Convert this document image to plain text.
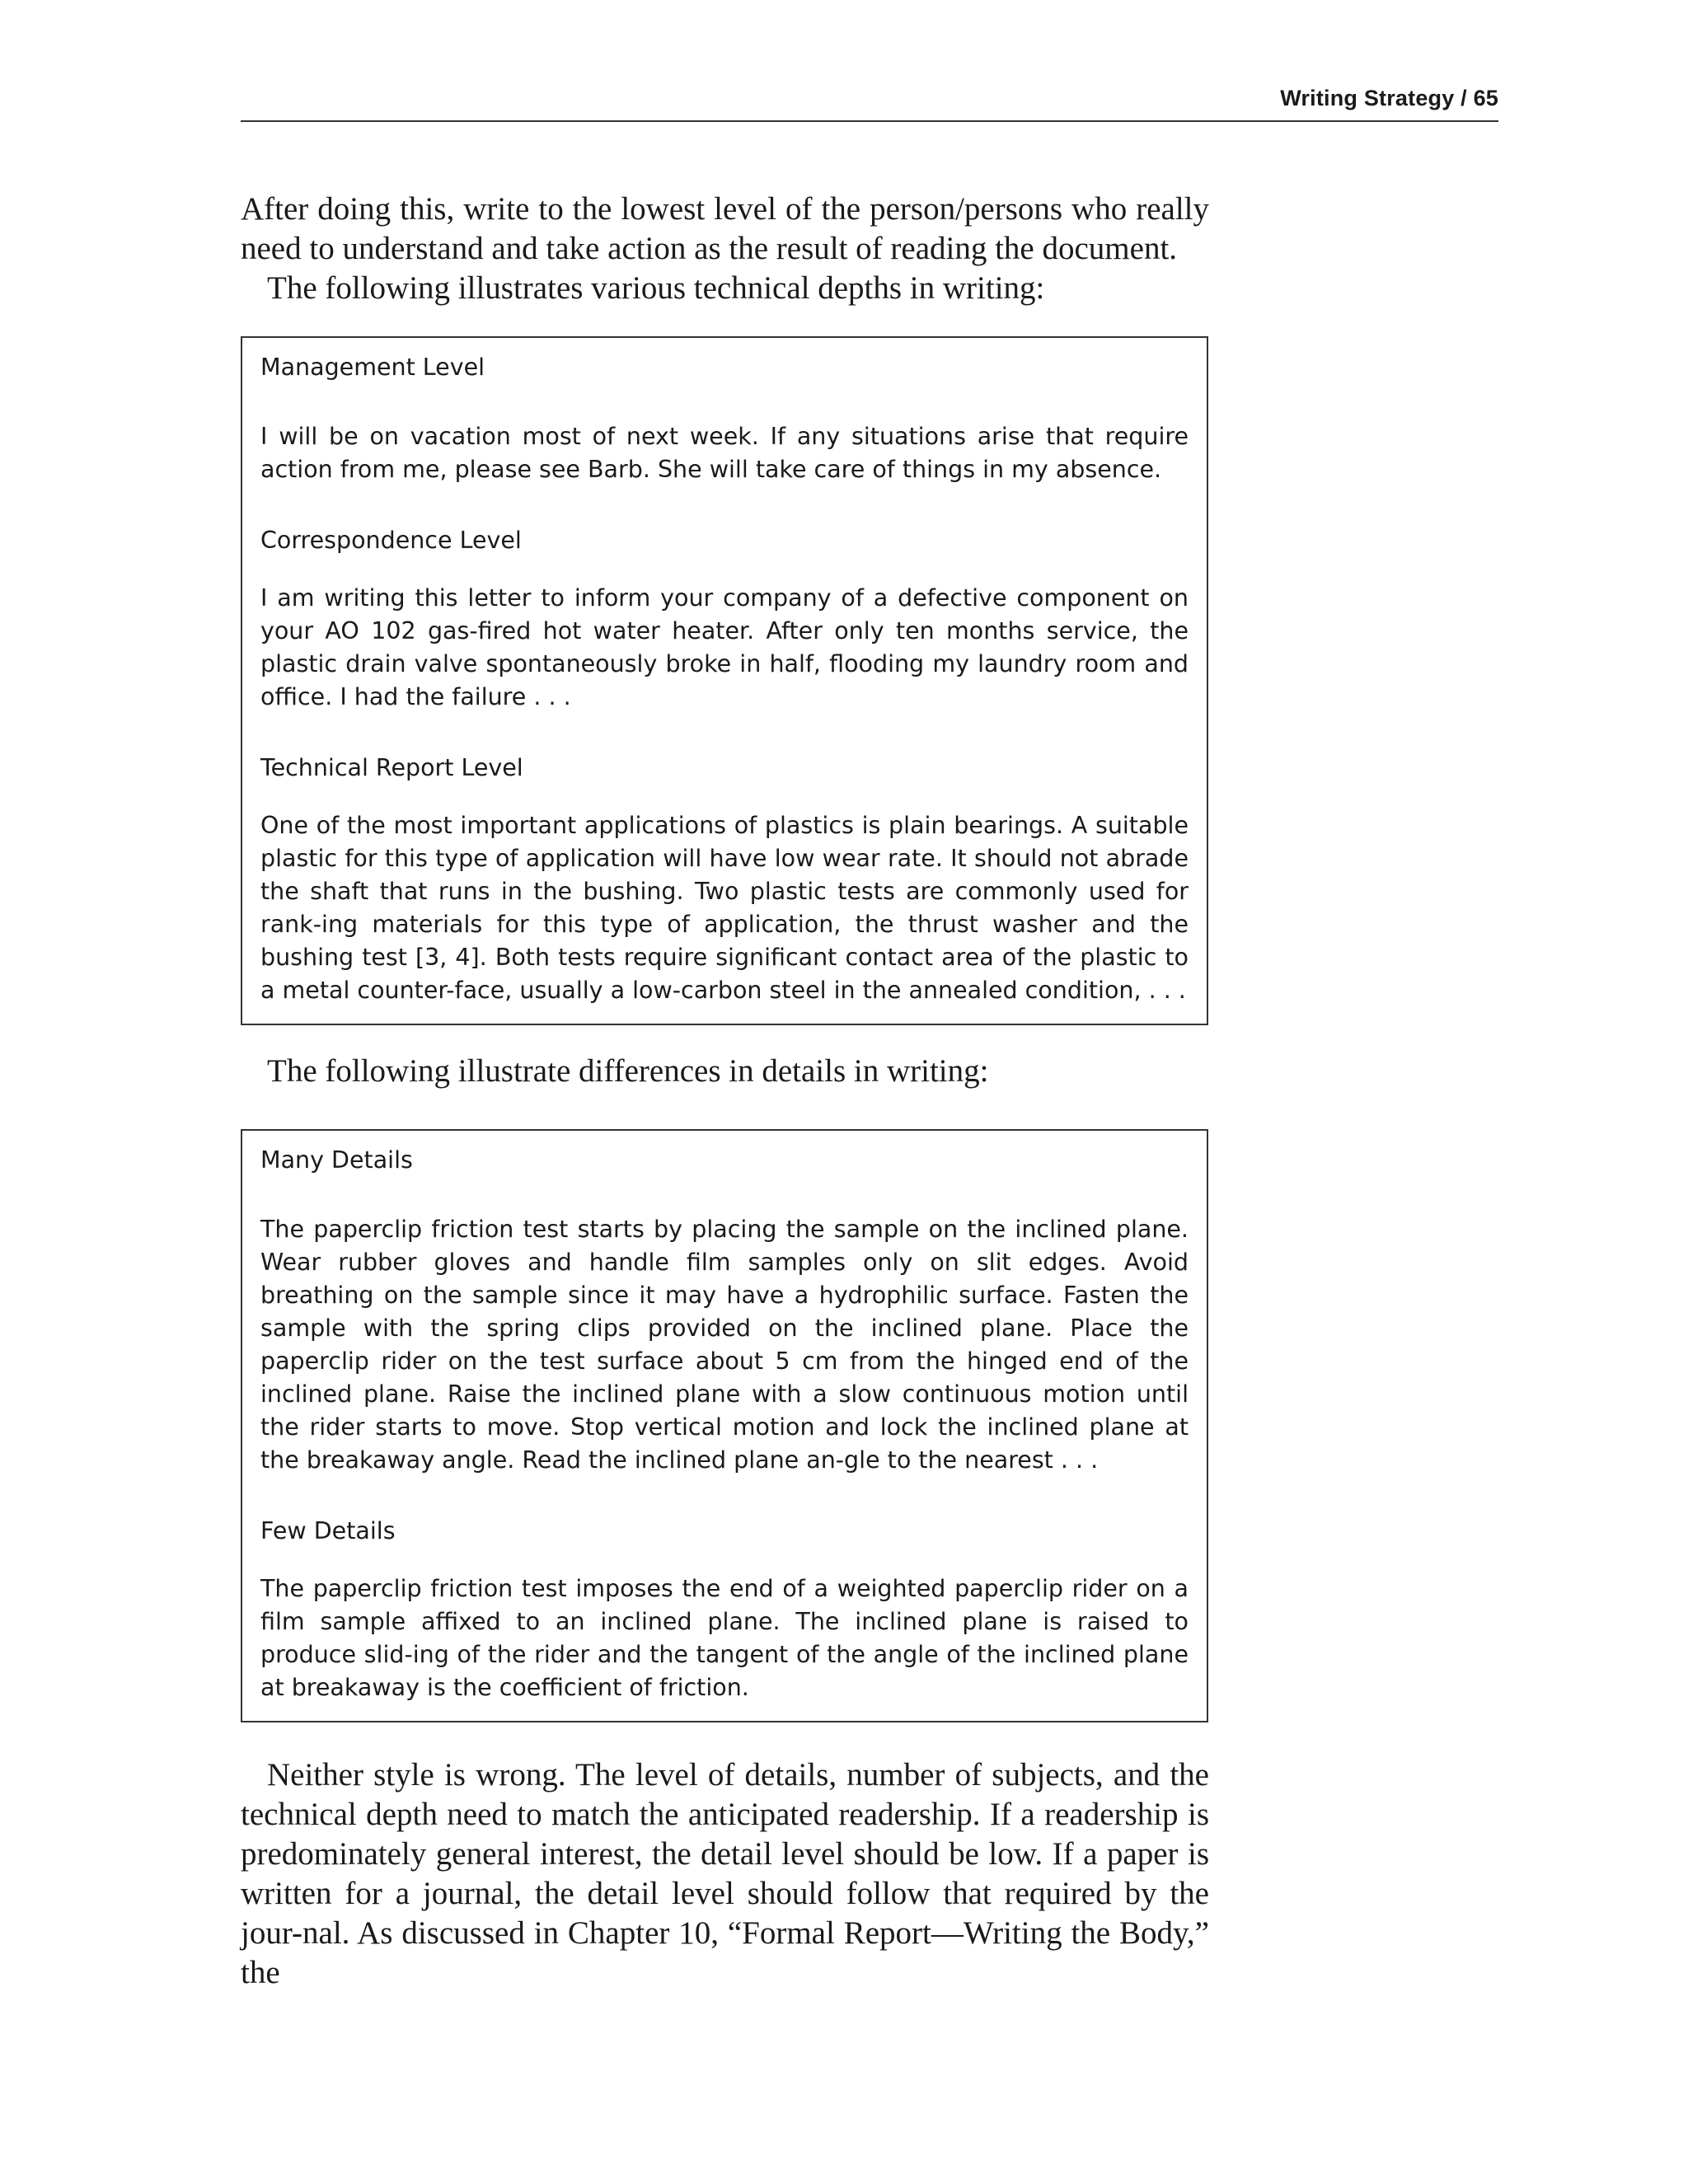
Writing Strategy / 65

After doing this, write to the lowest level of the person/persons who really need to understand and take action as the result of reading the document.

The following illustrates various technical depths in writing:

Management Level

I will be on vacation most of next week. If any situations arise that require action from me, please see Barb. She will take care of things in my absence.

Correspondence Level

I am writing this letter to inform your company of a defective component on your AO 102 gas-fired hot water heater. After only ten months service, the plastic drain valve spontaneously broke in half, flooding my laundry room and office. I had the failure . . .

Technical Report Level

One of the most important applications of plastics is plain bearings. A suitable plastic for this type of application will have low wear rate. It should not abrade the shaft that runs in the bushing. Two plastic tests are commonly used for rank-ing materials for this type of application, the thrust washer and the bushing test [3, 4]. Both tests require significant contact area of the plastic to a metal counter-face, usually a low-carbon steel in the annealed condition, . . .

The following illustrate differences in details in writing:

Many Details

The paperclip friction test starts by placing the sample on the inclined plane. Wear rubber gloves and handle film samples only on slit edges. Avoid breathing on the sample since it may have a hydrophilic surface. Fasten the sample with the spring clips provided on the inclined plane. Place the paperclip rider on the test surface about 5 cm from the hinged end of the inclined plane. Raise the inclined plane with a slow continuous motion until the rider starts to move. Stop vertical motion and lock the inclined plane at the breakaway angle. Read the inclined plane an-gle to the nearest . . .

Few Details

The paperclip friction test imposes the end of a weighted paperclip rider on a film sample affixed to an inclined plane. The inclined plane is raised to produce slid-ing of the rider and the tangent of the angle of the inclined plane at breakaway is the coefficient of friction.

Neither style is wrong. The level of details, number of subjects, and the technical depth need to match the anticipated readership. If a readership is predominately general interest, the detail level should be low. If a paper is written for a journal, the detail level should follow that required by the jour-nal. As discussed in Chapter 10, “Formal Report—Writing the Body,” the
